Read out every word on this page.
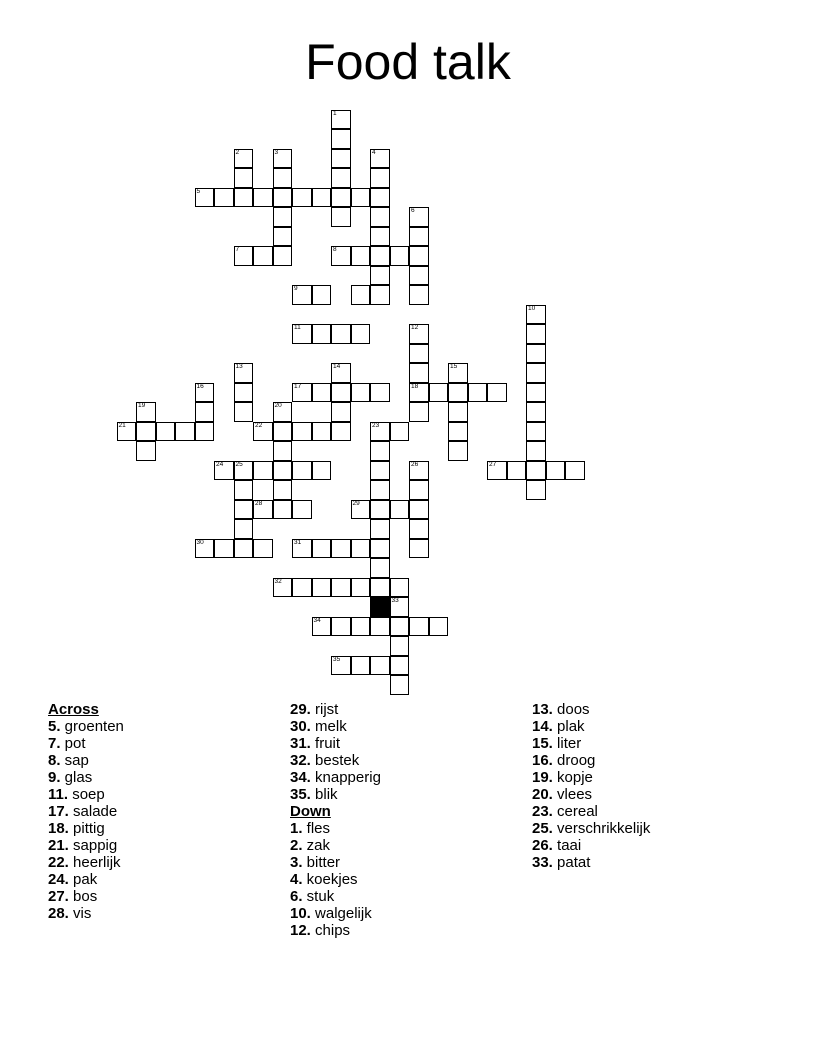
Food talk
1
2	3	4
5
6
7	8
9
10
11	12
13	14	15
16	17	18
19	20
21	22	23
24 25	26	27
28	29
30	31
32
33
34
35
Across
5. groenten
7. pot
8. sap
9. glas
11. soep
17. salade
18. pittig
21. sappig
22. heerlijk
24. pak
27. bos
28. vis
29. rijst
30. melk
31. fruit
32. bestek
34. knapperig
35. blik
Down
1. fles
2. zak
3. bitter
4. koekjes
6. stuk
10. walgelijk
12. chips
13. doos
14. plak
15. liter
16. droog
19. kopje
20. vlees
23. cereal
25. verschrikkelijk
26. taai
33. patat
